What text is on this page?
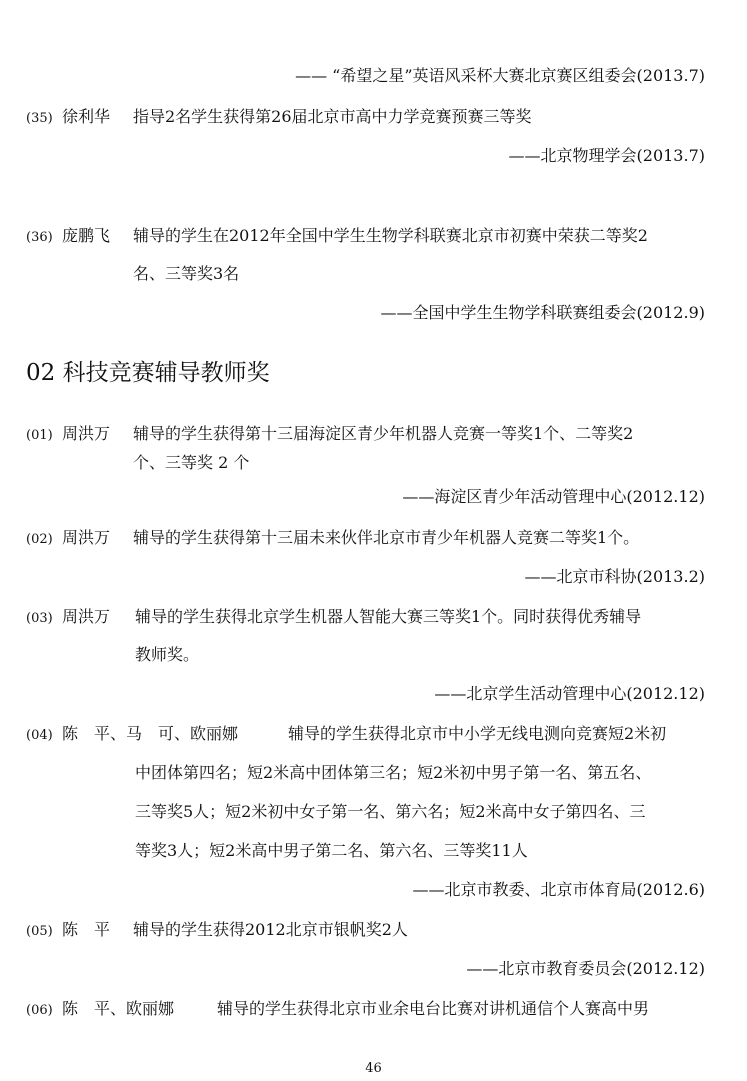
—— “希望之星”英语风采杯大赛北京赛区组委会(2013.7)
(35) 徐利华 指导2名学生获得第26届北京市高中力学竞赛预赛三等奖
——北京物理学会(2013.7)
(36) 庞鹏飞 辅导的学生在2012年全国中学生生物学科联赛北京市初赛中荣获二等奖2
名、三等奖3名
——全国中学生生物学科联赛组委会(2012.9)
02 科技竞赛辅导教师奖
(01) 周洪万 辅导的学生获得第十三届海淀区青少年机器人竞赛一等奖1个、二等奖2
个、三等奖 2 个
——海淀区青少年活动管理中心(2012.12)
(02) 周洪万 辅导的学生获得第十三届未来伙伴北京市青少年机器人竞赛二等奖1个。
——北京市科协(2013.2)
(03) 周洪万 辅导的学生获得北京学生机器人智能大赛三等奖1个。同时获得优秀辅导
教师奖。
——北京学生活动管理中心(2012.12)
(04) 陈　平、马　可、欧丽娜	辅导的学生获得北京市中小学无线电测向竞赛短2米初
中团体第四名；短2米高中团体第三名；短2米初中男子第一名、第五名、
三等奖5人；短2米初中女子第一名、第六名；短2米高中女子第四名、三
等奖3人；短2米高中男子第二名、第六名、三等奖11人
——北京市教委、北京市体育局(2012.6)
(05) 陈　平 辅导的学生获得2012北京市银帆奖2人
——北京市教育委员会(2012.12)
(06) 陈　平、欧丽娜	辅导的学生获得北京市业余电台比赛对讲机通信个人赛高中男
46
